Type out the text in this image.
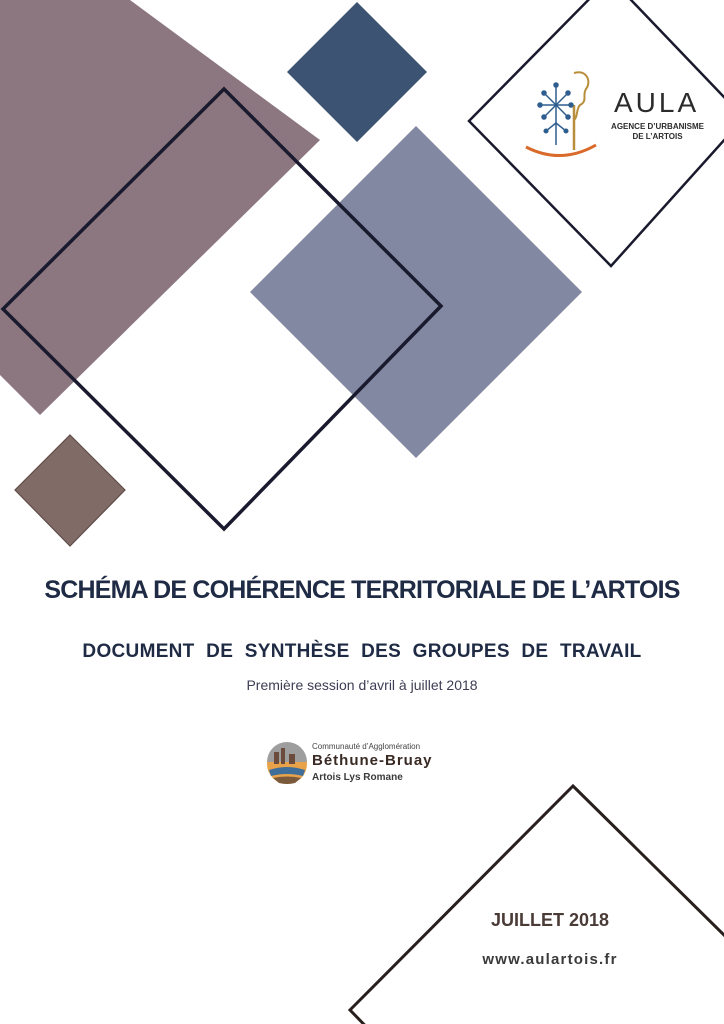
AULA
AGENCE D’URBANISME DE L’ARTOIS
SCHÉMA DE COHÉRENCE TERRITORIALE DE L’ARTOIS
DOCUMENT DE SYNTHÈSE DES GROUPES DE TRAVAIL

Première session d’avril à juillet 2018

Communauté d’Agglomération
Béthune-Bruay
Artois Lys Romane
JUILLET 2018
www.aulartois.fr
